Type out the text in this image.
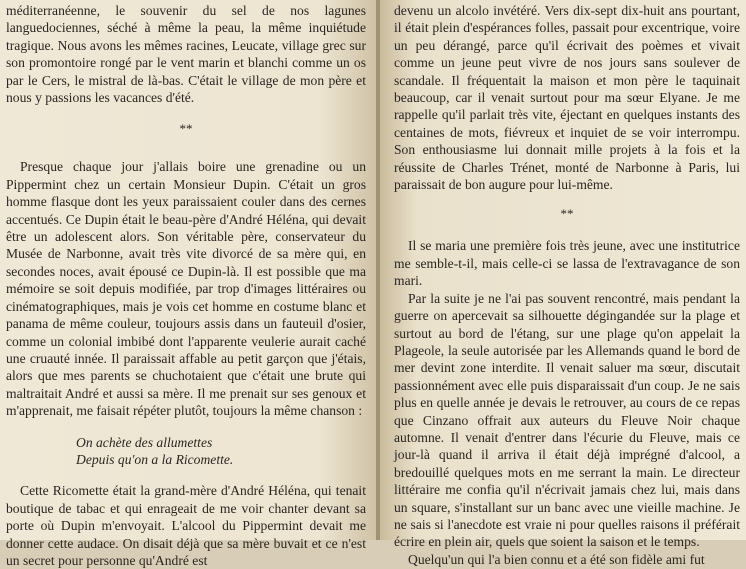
méditerranéenne, le souvenir du sel de nos lagunes languedociennes, séché à même la peau, la même inquiétude tragique. Nous avons les mêmes racines, Leucate, village grec sur son promontoire rongé par le vent marin et blanchi comme un os par le Cers, le mistral de là-bas. C'était le village de mon père et nous y passions les vacances d'été.

**

Presque chaque jour j'allais boire une grenadine ou un Pippermint chez un certain Monsieur Dupin. C'était un gros homme flasque dont les yeux paraissaient couler dans des cernes accentués. Ce Dupin était le beau-père d'André Héléna, qui devait être un adolescent alors. Son véritable père, conservateur du Musée de Narbonne, avait très vite divorcé de sa mère qui, en secondes noces, avait épousé ce Dupin-là. Il est possible que ma mémoire se soit depuis modifiée, par trop d'images littéraires ou cinématographiques, mais je vois cet homme en costume blanc et panama de même couleur, toujours assis dans un fauteuil d'osier, comme un colonial imbibé dont l'apparente veulerie aurait caché une cruauté innée. Il paraissait affable au petit garçon que j'étais, alors que mes parents se chuchotaient que c'était une brute qui maltraitait André et aussi sa mère. Il me prenait sur ses genoux et m'apprenait, me faisait répéter plutôt, toujours la même chanson :

On achète des allumettes
Depuis qu'on a la Ricomette.

Cette Ricomette était la grand-mère d'André Héléna, qui tenait boutique de tabac et qui enrageait de me voir chanter devant sa porte où Dupin m'envoyait. L'alcool du Pippermint devait me donner cette audace. On disait déjà que sa mère buvait et ce n'est un secret pour personne qu'André est

devenu un alcolo invétéré. Vers dix-sept dix-huit ans pourtant, il était plein d'espérances folles, passait pour excentrique, voire un peu dérangé, parce qu'il écrivait des poèmes et vivait comme un jeune peut vivre de nos jours sans soulever de scandale. Il fréquentait la maison et mon père le taquinait beaucoup, car il venait surtout pour ma sœur Elyane. Je me rappelle qu'il parlait très vite, éjectant en quelques instants des centaines de mots, fiévreux et inquiet de se voir interrompu. Son enthousiasme lui donnait mille projets à la fois et la réussite de Charles Trénet, monté de Narbonne à Paris, lui paraissait de bon augure pour lui-même.

**

Il se maria une première fois très jeune, avec une institutrice me semble-t-il, mais celle-ci se lassa de l'extravagance de son mari.

Par la suite je ne l'ai pas souvent rencontré, mais pendant la guerre on apercevait sa silhouette dégingandée sur la plage et surtout au bord de l'étang, sur une plage qu'on appelait la Plageole, la seule autorisée par les Allemands quand le bord de mer devint zone interdite. Il venait saluer ma sœur, discutait passionnément avec elle puis disparaissait d'un coup. Je ne sais plus en quelle année je devais le retrouver, au cours de ce repas que Cinzano offrait aux auteurs du Fleuve Noir chaque automne. Il venait d'entrer dans l'écurie du Fleuve, mais ce jour-là quand il arriva il était déjà imprégné d'alcool, a bredouillé quelques mots en me serrant la main. Le directeur littéraire me confia qu'il n'écrivait jamais chez lui, mais dans un square, s'installant sur un banc avec une vieille machine. Je ne sais si l'anecdote est vraie ni pour quelles raisons il préférait écrire en plein air, quels que soient la saison et le temps.

Quelqu'un qui l'a bien connu et a été son fidèle ami fut
